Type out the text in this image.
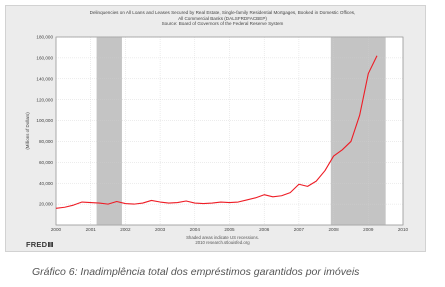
Delinquencies on All Loans and Leases Secured by Real Estate, Single-family Residential Mortgages, Booked in Domestic Offices,
All Commercial Banks (DALSFRDFACBEP)
Source: Board of Governors of the Federal Reserve System
20,000
40,000
60,000
80,000
100,000
120,000
140,000
160,000
180,000
2000	2001	2002	2003	2004	2005	2006	2007	2008	2009	2010
(Millions of Dollars)
Shaded areas indicate US recessions.
2010 research.stlouisfed.org
FRED
Gráfico 6: Inadimplência total dos empréstimos garantidos por imóveis
